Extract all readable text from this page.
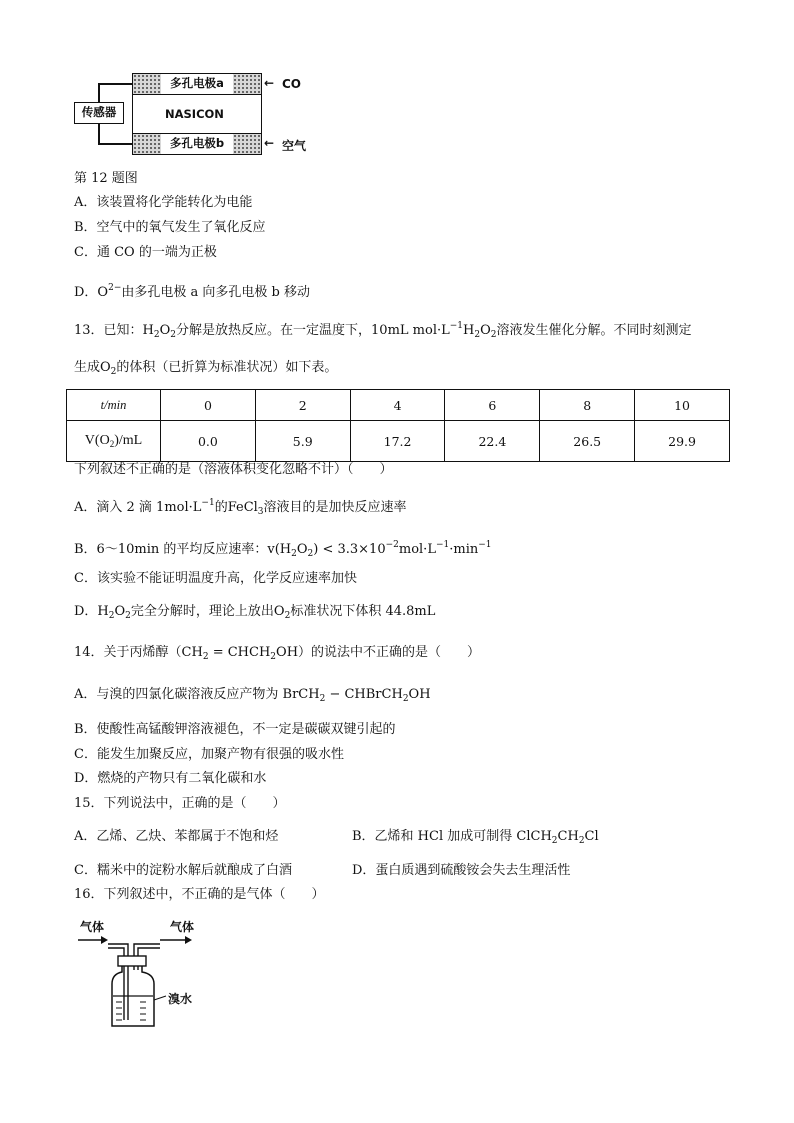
传感器
多孔电极a
NASICON
多孔电极b
← CO
← 空气
第 12 题图
A．该装置将化学能转化为电能
B．空气中的氧气发生了氧化反应
C．通 CO 的一端为正极
D．$O^{2-}$由多孔电极 a 向多孔电极 b 移动
13．已知：$H_2O_2$分解是放热反应。在一定温度下，10mL $mol\cdot L^{-1}H_2O_2$溶液发生催化分解。不同时刻测定
生成$O_2$的体积（已折算为标准状况）如下表。
t/min	0	2	4	6	8	10
$V(O_2)/mL$	0.0	5.9	17.2	22.4	26.5	29.9
下列叙述不正确的是（溶液体积变化忽略不计）（　　）
A．滴入 2 滴 $1mol\cdot L^{-1}$的FeCl$_3$溶液目的是加快反应速率
B．6～10min 的平均反应速率：$v(H_2O_2) < 3.3\times 10^{-2}mol\cdot L^{-1}\cdot\min^{-1}$
C．该实验不能证明温度升高，化学反应速率加快
D．$H_2O_2$完全分解时，理论上放出$O_2$标准状况下体积 44.8mL
14．关于丙烯醇（$CH_2$ = $CHCH_2OH$）的说法中不正确的是（　　）
A．与溴的四氯化碳溶液反应产物为 BrCH$_2$ − CHBrCH$_2$OH
B．使酸性高锰酸钾溶液褪色，不一定是碳碳双键引起的
C．能发生加聚反应，加聚产物有很强的吸水性
D．燃烧的产物只有二氧化碳和水
15．下列说法中，正确的是（　　）
A．乙烯、乙炔、苯都属于不饱和烃	B．乙烯和 HCl 加成可制得 $ClCH_2CH_2Cl$
C．糯米中的淀粉水解后就酿成了白酒	D．蛋白质遇到硫酸铵会失去生理活性
16．下列叙述中，不正确的是气体（　　）
气体	气体
溴水
